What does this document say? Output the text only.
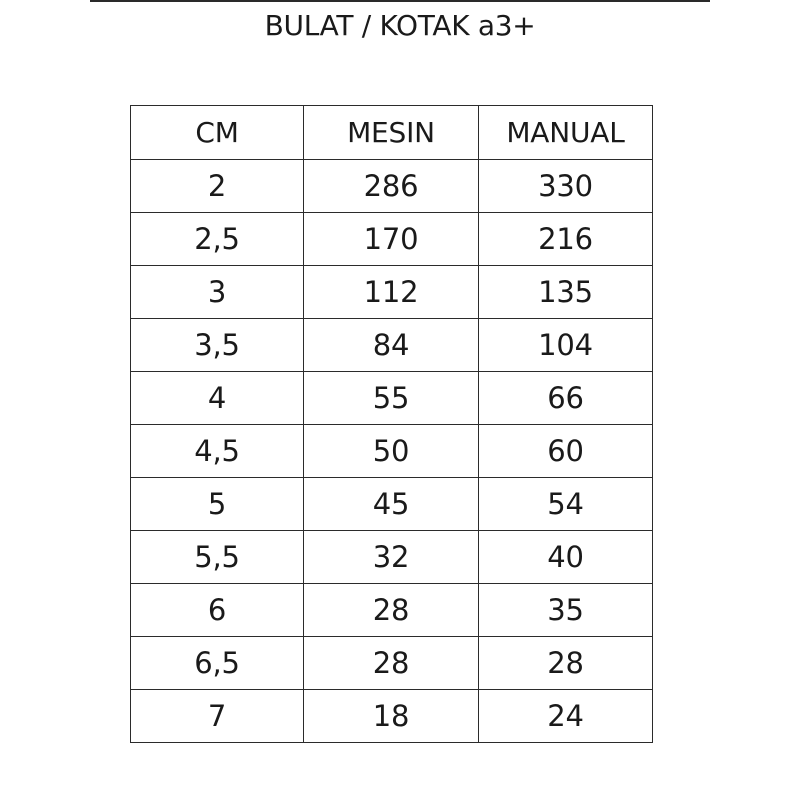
BULAT / KOTAK a3+
CM	MESIN	MANUAL
2	286	330
2,5	170	216
3	112	135
3,5	84	104
4	55	66
4,5	50	60
5	45	54
5,5	32	40
6	28	35
6,5	28	28
7	18	24
